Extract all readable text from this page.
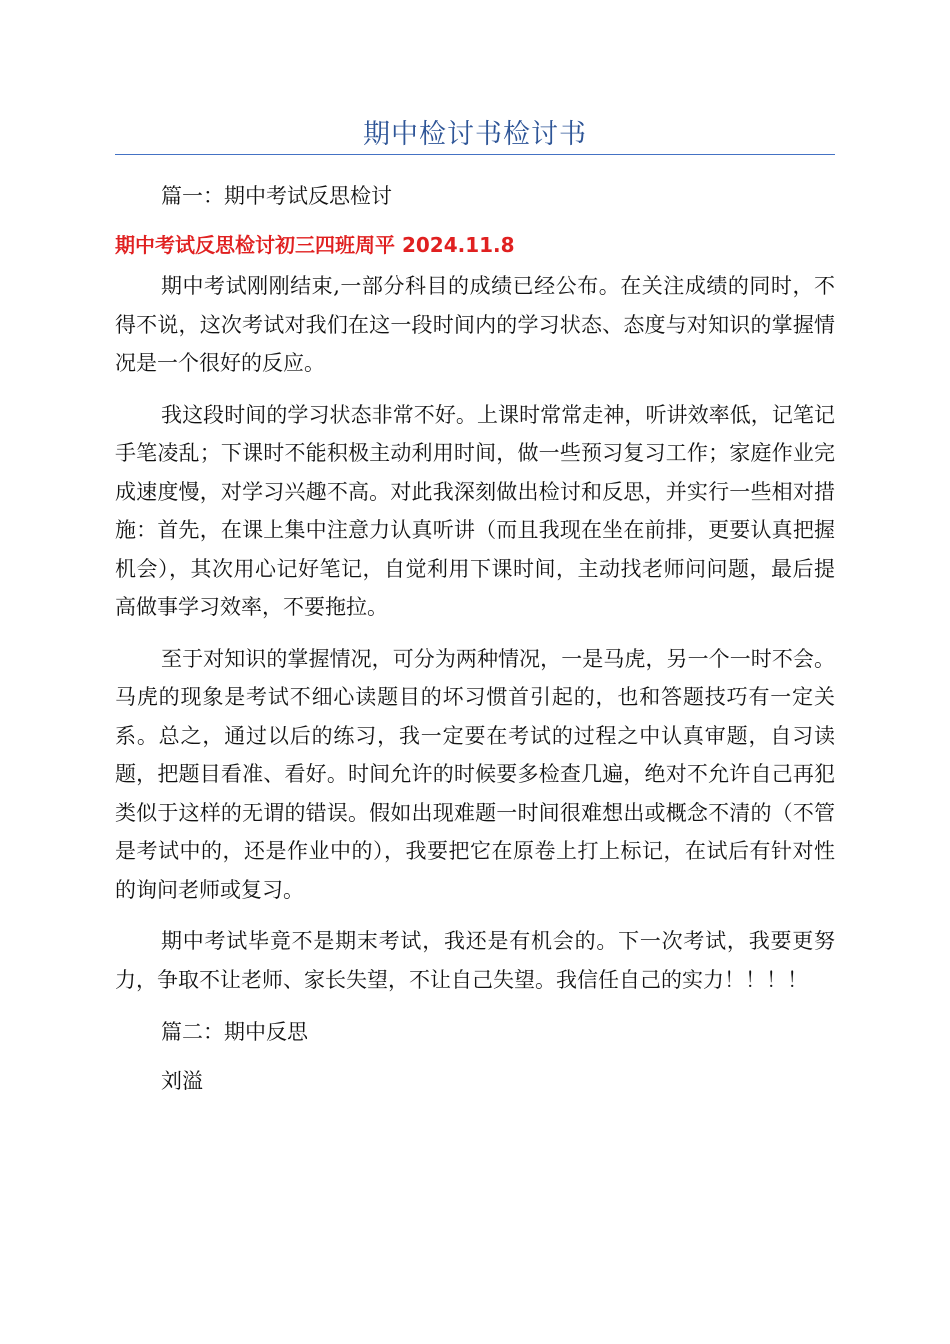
期中检讨书检讨书
篇一：期中考试反思检讨
期中考试反思检讨初三四班周平 2024.11.8

期中考试刚刚结束,一部分科目的成绩已经公布。在关注成绩的同时，不得不说，这次考试对我们在这一段时间内的学习状态、态度与对知识的掌握情况是一个很好的反应。

我这段时间的学习状态非常不好。上课时常常走神，听讲效率低，记笔记手笔凌乱；下课时不能积极主动利用时间，做一些预习复习工作；家庭作业完成速度慢，对学习兴趣不高。对此我深刻做出检讨和反思，并实行一些相对措施：首先，在课上集中注意力认真听讲（而且我现在坐在前排，更要认真把握机会），其次用心记好笔记，自觉利用下课时间，主动找老师问问题，最后提高做事学习效率，不要拖拉。

至于对知识的掌握情况，可分为两种情况，一是马虎，另一个一时不会。马虎的现象是考试不细心读题目的坏习惯首引起的，也和答题技巧有一定关系。总之，通过以后的练习，我一定要在考试的过程之中认真审题，自习读题，把题目看准、看好。时间允许的时候要多检查几遍，绝对不允许自己再犯类似于这样的无谓的错误。假如出现难题一时间很难想出或概念不清的（不管是考试中的，还是作业中的），我要把它在原卷上打上标记，在试后有针对性的询问老师或复习。

期中考试毕竟不是期末考试，我还是有机会的。下一次考试，我要更努力，争取不让老师、家长失望，不让自己失望。我信任自己的实力！！！！

篇二：期中反思
刘溢
